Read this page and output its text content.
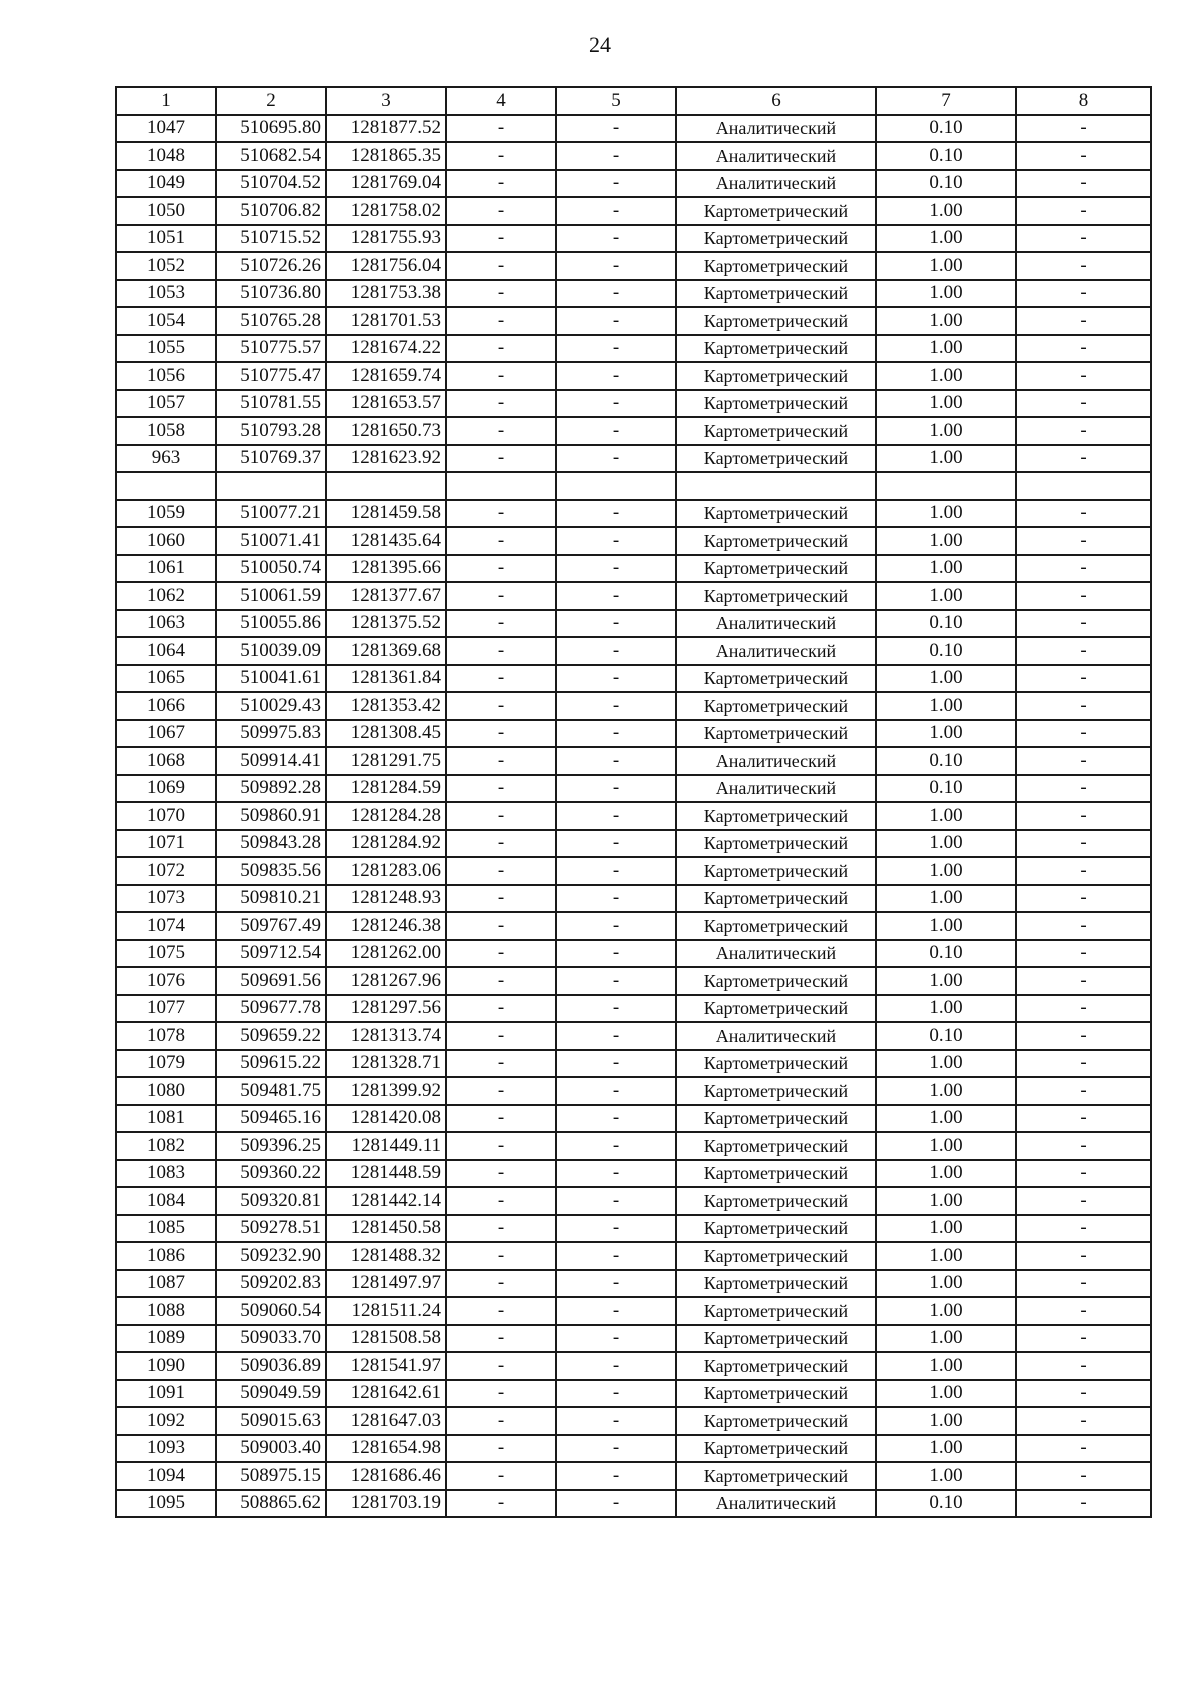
24
1	2	3	4	5	6	7	8
1047	510695.80	1281877.52	-	-	Аналитический	0.10	-
1048	510682.54	1281865.35	-	-	Аналитический	0.10	-
1049	510704.52	1281769.04	-	-	Аналитический	0.10	-
1050	510706.82	1281758.02	-	-	Картометрический	1.00	-
1051	510715.52	1281755.93	-	-	Картометрический	1.00	-
1052	510726.26	1281756.04	-	-	Картометрический	1.00	-
1053	510736.80	1281753.38	-	-	Картометрический	1.00	-
1054	510765.28	1281701.53	-	-	Картометрический	1.00	-
1055	510775.57	1281674.22	-	-	Картометрический	1.00	-
1056	510775.47	1281659.74	-	-	Картометрический	1.00	-
1057	510781.55	1281653.57	-	-	Картометрический	1.00	-
1058	510793.28	1281650.73	-	-	Картометрический	1.00	-
963	510769.37	1281623.92	-	-	Картометрический	1.00	-

1059	510077.21	1281459.58	-	-	Картометрический	1.00	-
1060	510071.41	1281435.64	-	-	Картометрический	1.00	-
1061	510050.74	1281395.66	-	-	Картометрический	1.00	-
1062	510061.59	1281377.67	-	-	Картометрический	1.00	-
1063	510055.86	1281375.52	-	-	Аналитический	0.10	-
1064	510039.09	1281369.68	-	-	Аналитический	0.10	-
1065	510041.61	1281361.84	-	-	Картометрический	1.00	-
1066	510029.43	1281353.42	-	-	Картометрический	1.00	-
1067	509975.83	1281308.45	-	-	Картометрический	1.00	-
1068	509914.41	1281291.75	-	-	Аналитический	0.10	-
1069	509892.28	1281284.59	-	-	Аналитический	0.10	-
1070	509860.91	1281284.28	-	-	Картометрический	1.00	-
1071	509843.28	1281284.92	-	-	Картометрический	1.00	-
1072	509835.56	1281283.06	-	-	Картометрический	1.00	-
1073	509810.21	1281248.93	-	-	Картометрический	1.00	-
1074	509767.49	1281246.38	-	-	Картометрический	1.00	-
1075	509712.54	1281262.00	-	-	Аналитический	0.10	-
1076	509691.56	1281267.96	-	-	Картометрический	1.00	-
1077	509677.78	1281297.56	-	-	Картометрический	1.00	-
1078	509659.22	1281313.74	-	-	Аналитический	0.10	-
1079	509615.22	1281328.71	-	-	Картометрический	1.00	-
1080	509481.75	1281399.92	-	-	Картометрический	1.00	-
1081	509465.16	1281420.08	-	-	Картометрический	1.00	-
1082	509396.25	1281449.11	-	-	Картометрический	1.00	-
1083	509360.22	1281448.59	-	-	Картометрический	1.00	-
1084	509320.81	1281442.14	-	-	Картометрический	1.00	-
1085	509278.51	1281450.58	-	-	Картометрический	1.00	-
1086	509232.90	1281488.32	-	-	Картометрический	1.00	-
1087	509202.83	1281497.97	-	-	Картометрический	1.00	-
1088	509060.54	1281511.24	-	-	Картометрический	1.00	-
1089	509033.70	1281508.58	-	-	Картометрический	1.00	-
1090	509036.89	1281541.97	-	-	Картометрический	1.00	-
1091	509049.59	1281642.61	-	-	Картометрический	1.00	-
1092	509015.63	1281647.03	-	-	Картометрический	1.00	-
1093	509003.40	1281654.98	-	-	Картометрический	1.00	-
1094	508975.15	1281686.46	-	-	Картометрический	1.00	-
1095	508865.62	1281703.19	-	-	Аналитический	0.10	-
